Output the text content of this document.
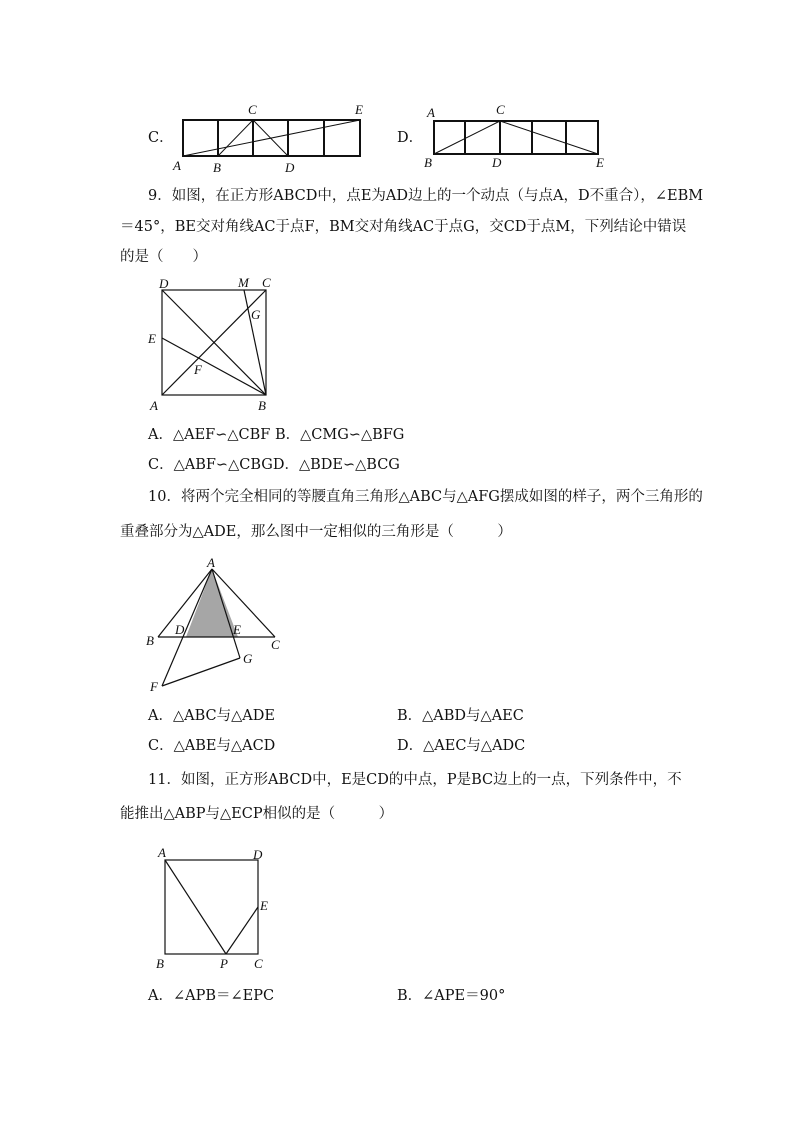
C．
C	E
A B	D
D．
A	C
B	D	E
9．如图，在正方形ABCD中，点E为AD边上的一个动点（与点A，D不重合），∠EBM
＝45°，BE交对角线AC于点F，BM交对角线AC于点G，交CD于点M，下列结论中错误
的是（　　）
D	M C
G
E
F
A	B
A．△AEF∽△CBF B．△CMG∽△BFG
C．△ABF∽△CBGD．△BDE∽△BCG
10．将两个完全相同的等腰直角三角形△ABC与△AFG摆成如图的样子，两个三角形的
重叠部分为△ADE，那么图中一定相似的三角形是（　　　）
A
B
D	E
C
G
F
A．△ABC与△ADE	B．△ABD与△AEC
C．△ABE与△ACD	D．△AEC与△ADC
11．如图，正方形ABCD中，E是CD的中点，P是BC边上的一点，下列条件中，不
能推出△ABP与△ECP相似的是（　　　）
A	D
E
B	P C
A．∠APB＝∠EPC	B．∠APE＝90°
